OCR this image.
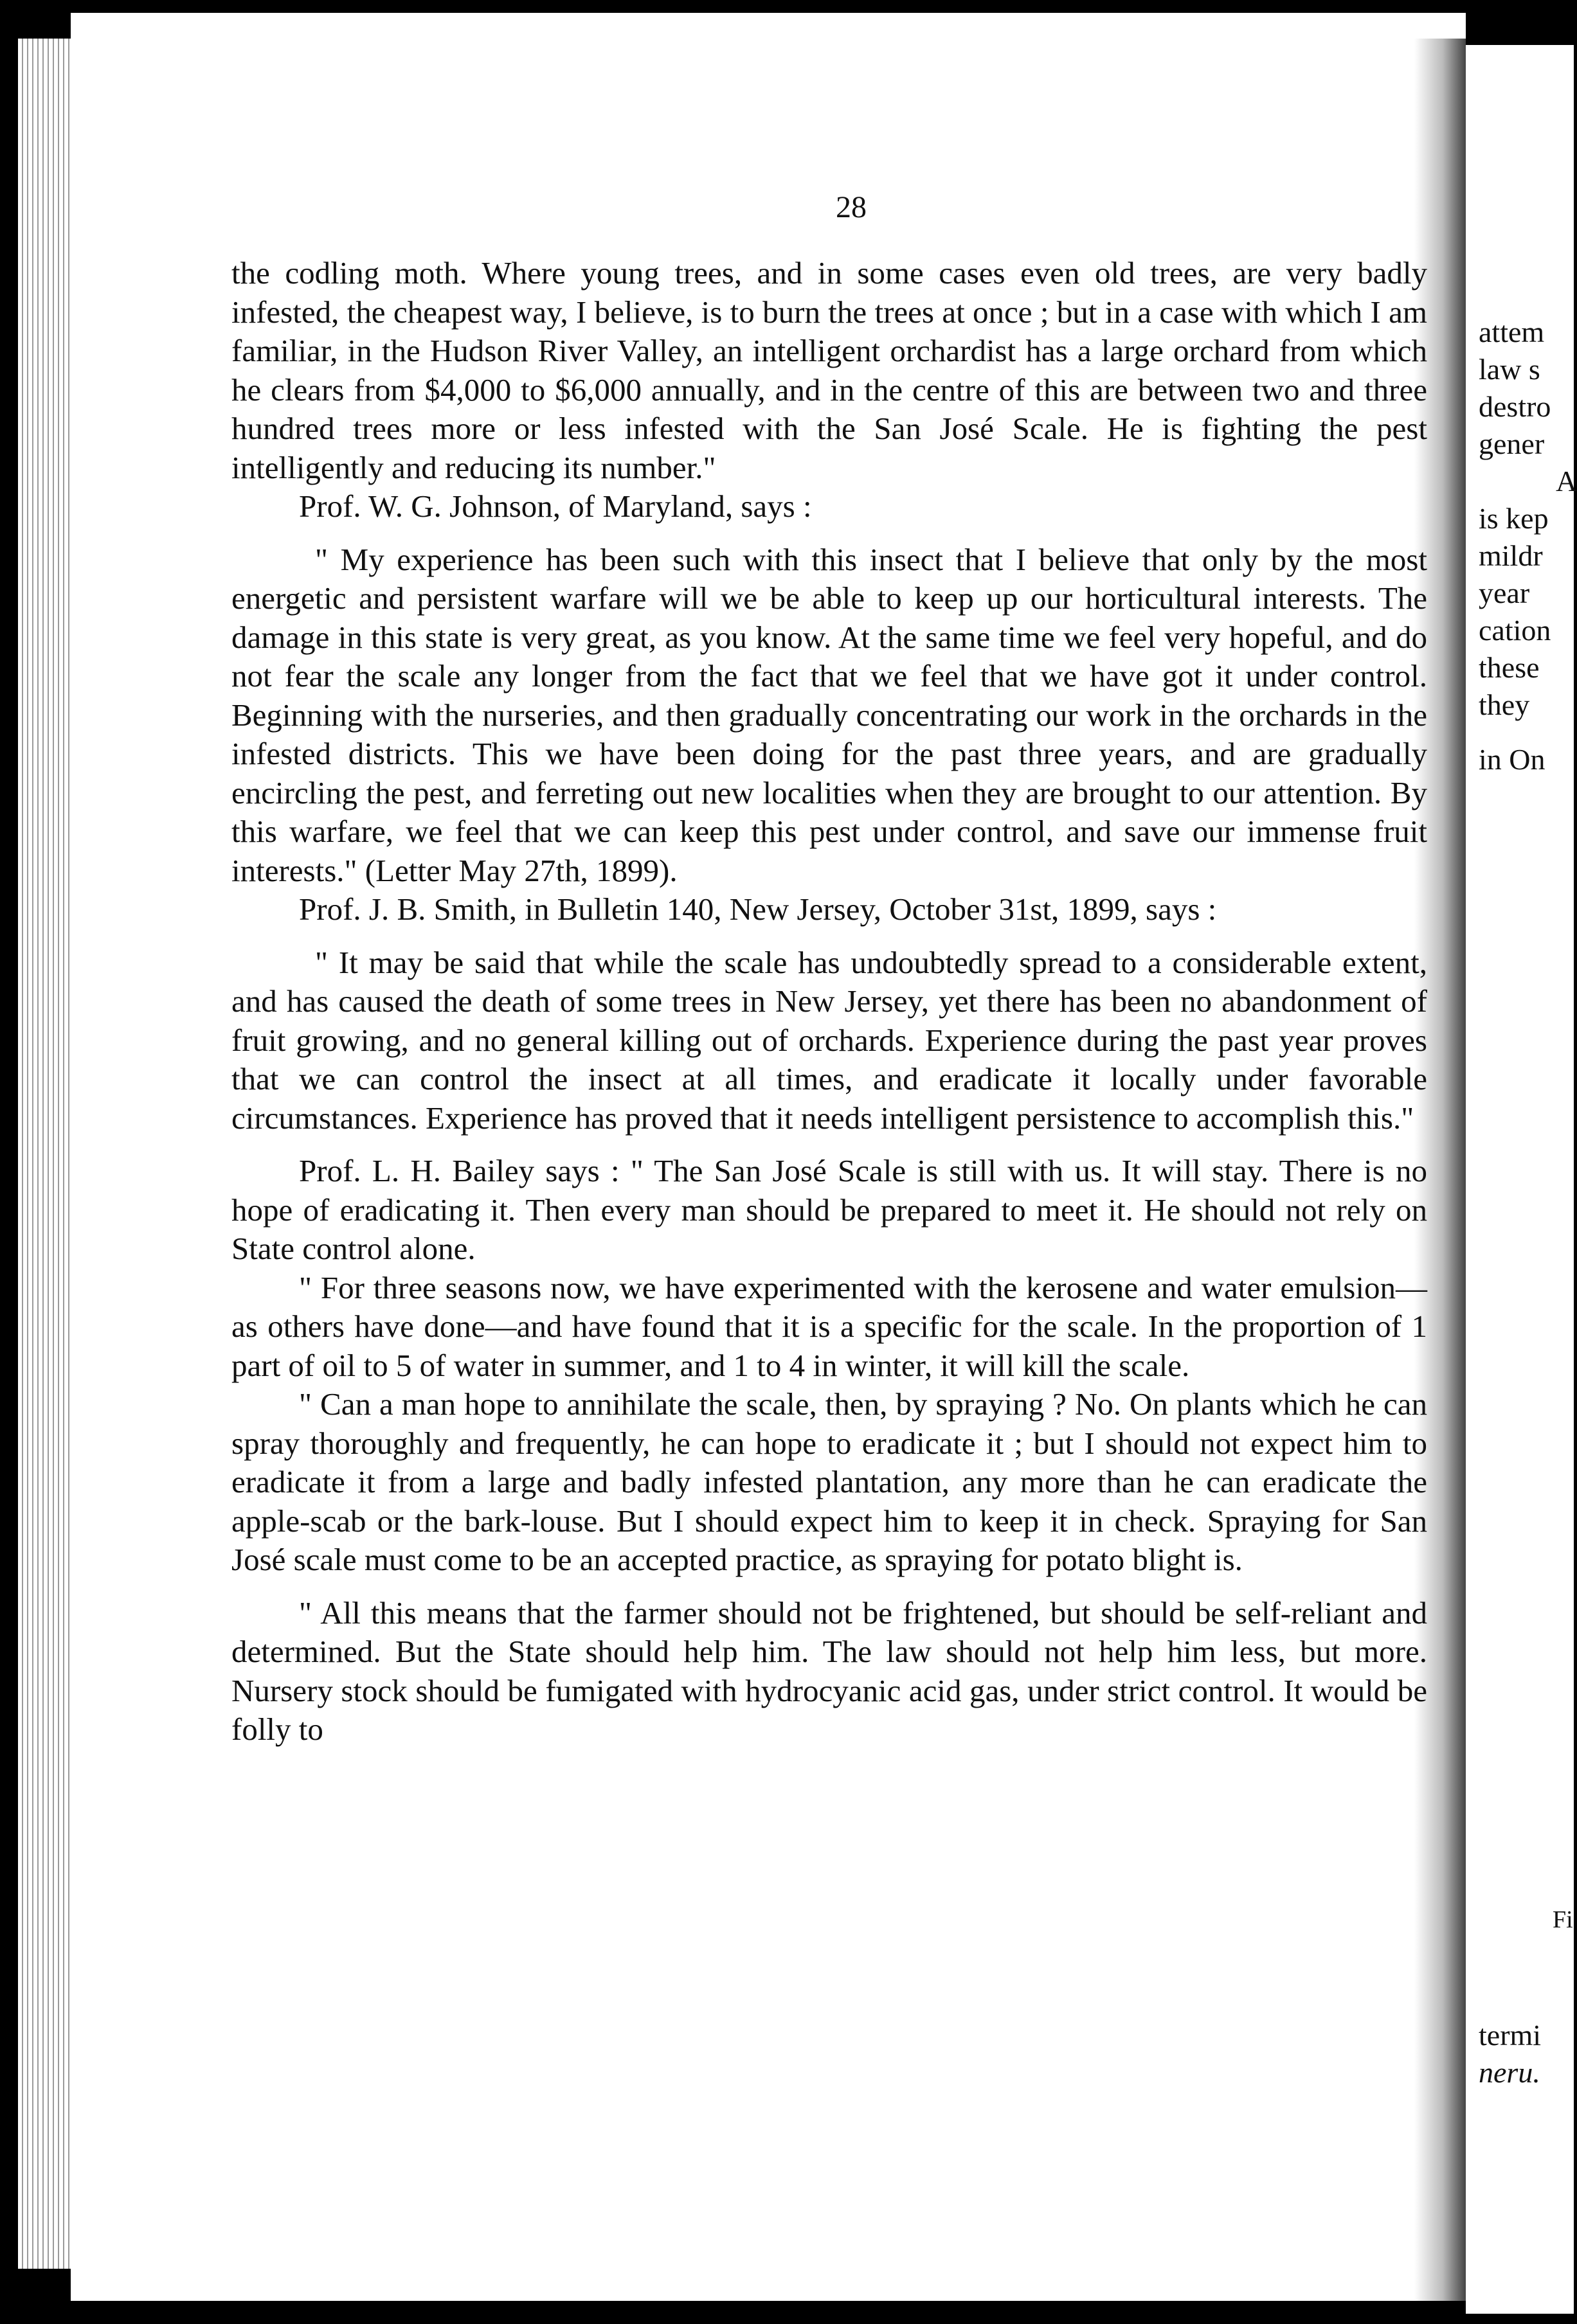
attem
law s
destro
gener
A
is kep
mildr
year
cation
these
they
in On
Fi
termi
neru.
28

the codling moth. Where young trees, and in some cases even old trees, are very badly infested, the cheapest way, I believe, is to burn the trees at once ; but in a case with which I am familiar, in the Hudson River Valley, an intelligent orchardist has a large orchard from which he clears from $4,000 to $6,000 annually, and in the centre of this are between two and three hundred trees more or less infested with the San José Scale. He is fighting the pest intelligently and reducing its number."

Prof. W. G. Johnson, of Maryland, says :

" My experience has been such with this insect that I believe that only by the most energetic and persistent warfare will we be able to keep up our horticultural interests. The damage in this state is very great, as you know. At the same time we feel very hopeful, and do not fear the scale any longer from the fact that we feel that we have got it under control. Beginning with the nurseries, and then gradually concentrating our work in the orchards in the infested districts. This we have been doing for the past three years, and are gradually encircling the pest, and ferreting out new localities when they are brought to our attention. By this warfare, we feel that we can keep this pest under control, and save our immense fruit interests." (Letter May 27th, 1899).

Prof. J. B. Smith, in Bulletin 140, New Jersey, October 31st, 1899, says :

" It may be said that while the scale has undoubtedly spread to a considerable extent, and has caused the death of some trees in New Jersey, yet there has been no abandonment of fruit growing, and no general killing out of orchards. Experience during the past year proves that we can control the insect at all times, and eradicate it locally under favorable circumstances. Experience has proved that it needs intelligent persistence to accomplish this."

Prof. L. H. Bailey says : " The San José Scale is still with us. It will stay. There is no hope of eradicating it. Then every man should be prepared to meet it. He should not rely on State control alone.

" For three seasons now, we have experimented with the kerosene and water emulsion—as others have done—and have found that it is a specific for the scale. In the proportion of 1 part of oil to 5 of water in summer, and 1 to 4 in winter, it will kill the scale.

" Can a man hope to annihilate the scale, then, by spraying ? No. On plants which he can spray thoroughly and frequently, he can hope to eradicate it ; but I should not expect him to eradicate it from a large and badly infested plantation, any more than he can eradicate the apple-scab or the bark-louse. But I should expect him to keep it in check. Spraying for San José scale must come to be an accepted practice, as spraying for potato blight is.

" All this means that the farmer should not be frightened, but should be self-reliant and determined. But the State should help him. The law should not help him less, but more. Nursery stock should be fumigated with hydrocyanic acid gas, under strict control. It would be folly to
